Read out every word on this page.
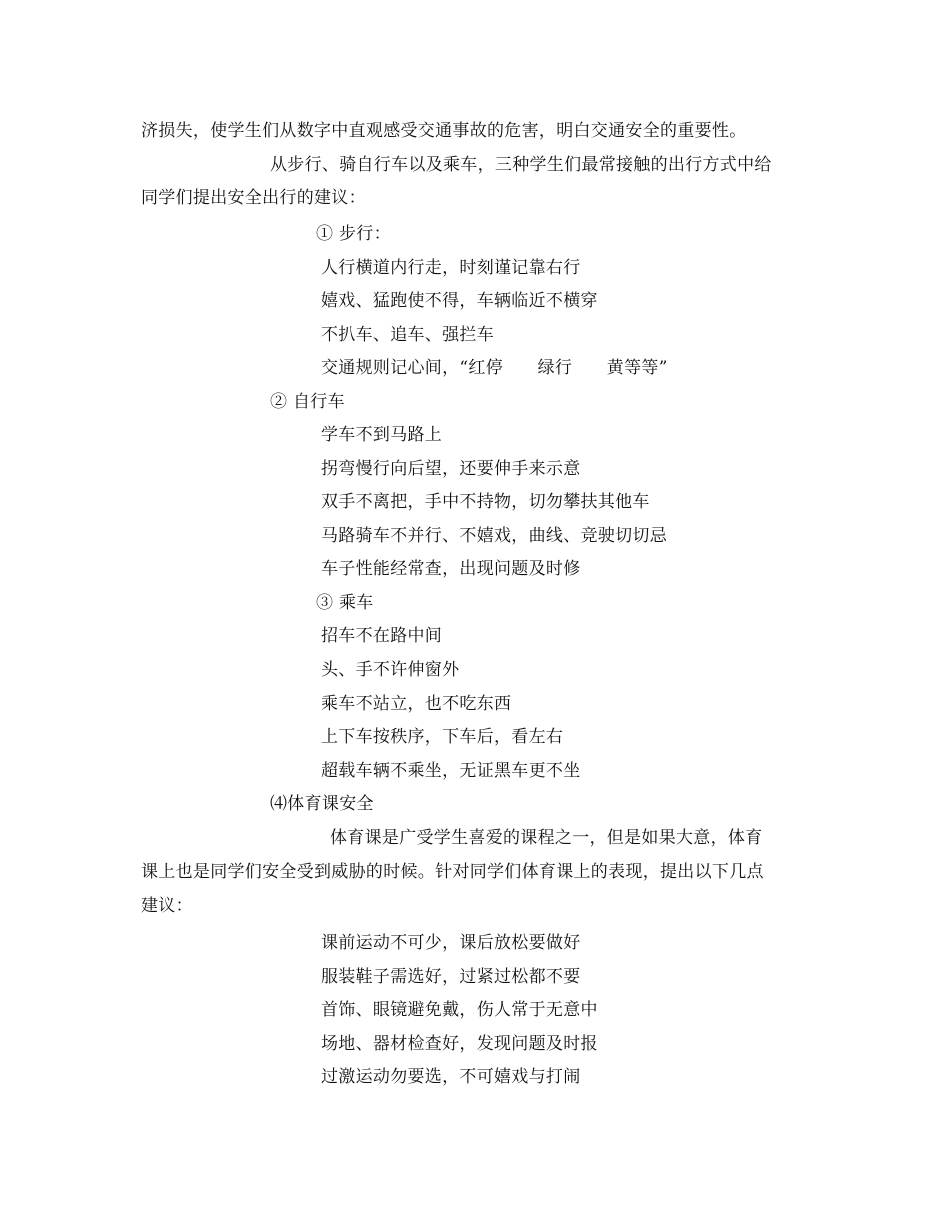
济损失，使学生们从数字中直观感受交通事故的危害，明白交通安全的重要性。
从步行、骑自行车以及乘车，三种学生们最常接触的出行方式中给
同学们提出安全出行的建议：
① 步行：
人行横道内行走，时刻谨记靠右行
嬉戏、猛跑使不得，车辆临近不横穿
不扒车、追车、强拦车
交通规则记心间，“红停　　绿行　　黄等等”
② 自行车
学车不到马路上
拐弯慢行向后望，还要伸手来示意
双手不离把，手中不持物，切勿攀扶其他车
马路骑车不并行、不嬉戏，曲线、竞驶切切忌
车子性能经常查，出现问题及时修
③ 乘车
招车不在路中间
头、手不许伸窗外
乘车不站立，也不吃东西
上下车按秩序，下车后，看左右
超载车辆不乘坐，无证黑车更不坐
⑷体育课安全
体育课是广受学生喜爱的课程之一，但是如果大意，体育
课上也是同学们安全受到威胁的时候。针对同学们体育课上的表现，提出以下几点
建议：
课前运动不可少，课后放松要做好
服装鞋子需选好，过紧过松都不要
首饰、眼镜避免戴，伤人常于无意中
场地、器材检查好，发现问题及时报
过激运动勿要选，不可嬉戏与打闹
